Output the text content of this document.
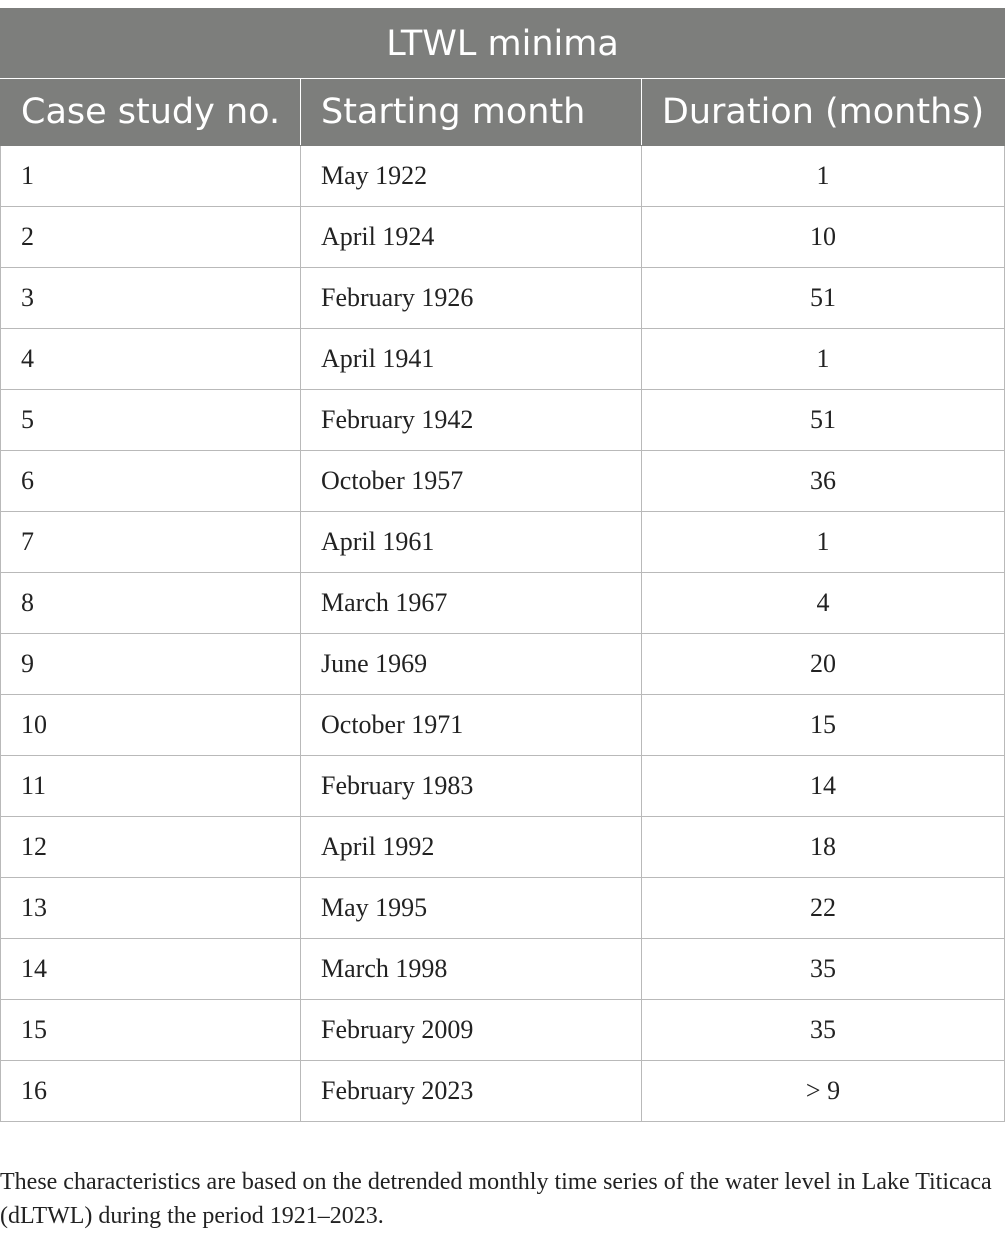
LTWL minima		
Case study no.	Starting month	Duration (months)
1	May 1922	1
2	April 1924	10
3	February 1926	51
4	April 1941	1
5	February 1942	51
6	October 1957	36
7	April 1961	1
8	March 1967	4
9	June 1969	20
10	October 1971	15
11	February 1983	14
12	April 1992	18
13	May 1995	22
14	March 1998	35
15	February 2009	35
16	February 2023	> 9

These characteristics are based on the detrended monthly time series of the water level in Lake Titicaca (dLTWL) during the period 1921–2023.
